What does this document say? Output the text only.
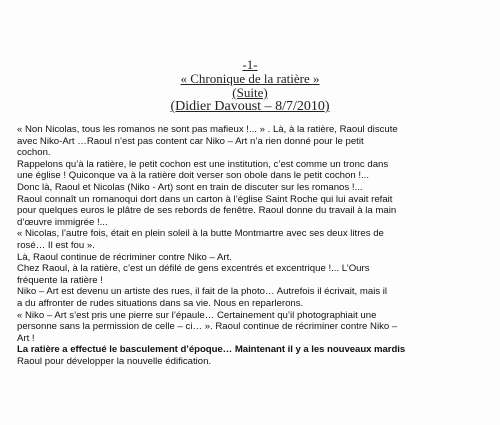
-1-
« Chronique de la ratière »
(Suite)
(Didier Davoust – 8/7/2010)
« Non Nicolas, tous les romanos ne sont pas mafieux !... » . Là, à la ratière, Raoul discute
avec Niko-Art …Raoul n’est pas content car Niko – Art n’a rien donné pour le petit
cochon.
Rappelons qu’à la ratière, le petit cochon est une institution, c’est comme un tronc dans
une église ! Quiconque va à la ratière doit verser son obole dans le petit cochon !...
Donc là, Raoul et Nicolas (Niko - Art) sont en train de discuter sur les romanos !...
Raoul connaît un romanoqui dort dans un carton à l’église Saint Roche qui lui avait refait
pour quelques euros le plâtre de ses rebords de fenêtre. Raoul donne du travail à la main
d’œuvre immigrée !...
« Nicolas, l’autre fois, était en plein soleil à la butte Montmartre avec ses deux litres de
rosé… Il est fou ».
Là, Raoul continue de récriminer contre Niko – Art.
Chez Raoul, à la ratière, c’est un défilé de gens excentrés et excentrique !... L’Ours
fréquente la ratière !
Niko – Art est devenu un artiste des rues, il fait de la photo… Autrefois il écrivait, mais il
a du affronter de rudes situations dans sa vie. Nous en reparlerons.
« Niko – Art s’est pris une pierre sur l’épaule… Certainement qu’il photographiait une
personne sans la permission de celle – ci… ». Raoul continue de récriminer contre Niko –
Art !
La ratière a effectué le basculement d’époque… Maintenant il y a les nouveaux mardis
Raoul pour développer la nouvelle édification.
